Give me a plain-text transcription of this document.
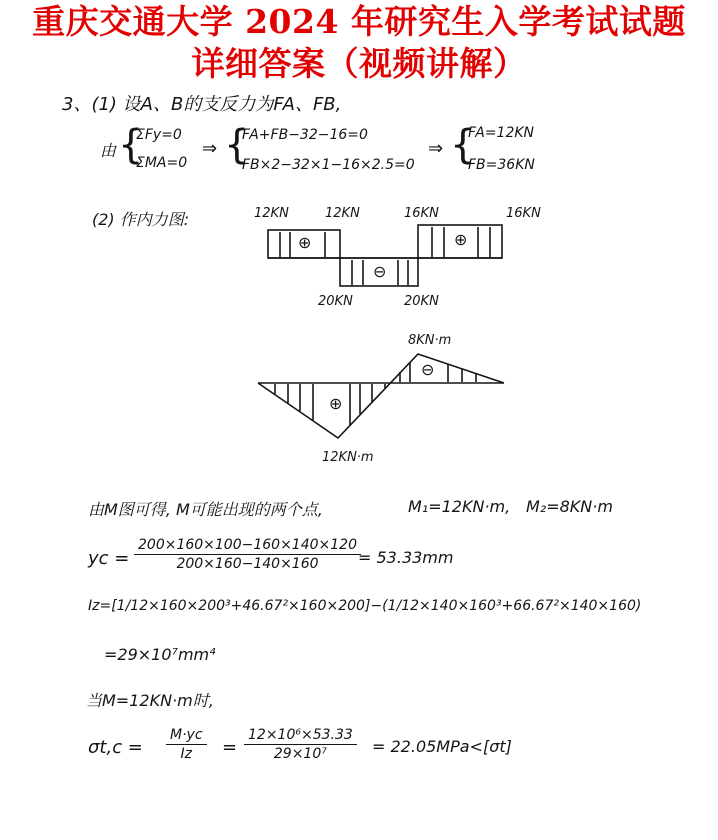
重庆交通大学 2024 年研究生入学考试试题
详细答案（视频讲解）
3、(1) 设A、B的支反力为FA、FB,
由 {
ΣFy=0
ΣMA=0
⇒ {
FA+FB−32−16=0
FB×2−32×1−16×2.5=0
⇒ {
FA=12KN
FB=36KN
(2) 作内力图:	12KN	12KN	16KN	16KN
20KN	20KN
⊕
⊖
⊕
8KN·m
12KN·m
⊕
⊖
由M图可得, M可能出现的两个点,	M₁=12KN·m, M₂=8KN·m
yc = $\frac{200\times 160\times 100-160\times 140\times 120}{200\times 160-140\times 160}$
= 53.33mm
Iz=[1/12×160×200³+46.67²×160×200]−(1/12×140×160³+66.67²×140×160)
=29×10⁷mm⁴
当M=12KN·m时,
$\sigma t,c = \frac{M\cdot yc}{Iz} = \frac{\text{12×10⁶×53.33}}{\text{29×10⁷}} = 22.05MPa<[\sigma t]$
